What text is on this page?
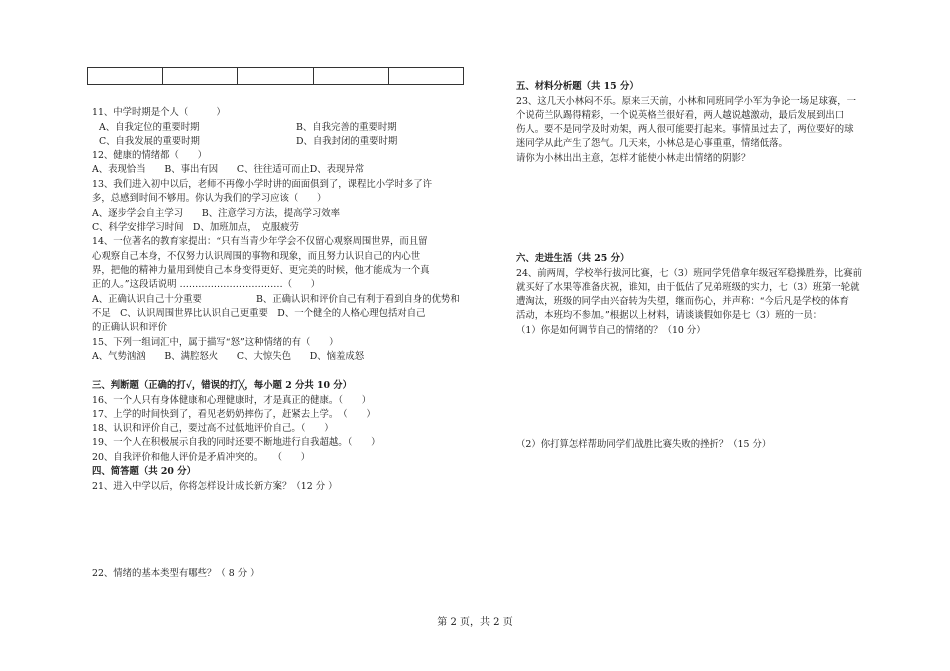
11、中学时期是个人（　　　）
A、自我定位的重要时期	B、自我完善的重要时期
C、自我发展的重要时期	D、自我封闭的重要时期
12、健康的情绪都（　　）
A、表现恰当　　B、事出有因　　C、往往适可而止D、表现异常
13、我们进入初中以后，老师不再像小学时讲的面面俱到了，课程比小学时多了许
多，总感到时间不够用。你认为我们的学习应该（　　）
A、逐步学会自主学习　　B、注意学习方法，提高学习效率
C、科学安排学习时间　D、加班加点，　克服疲劳
14、一位著名的教育家提出：“只有当青少年学会不仅留心观察周围世界，而且留
心观察自己本身，不仅努力认识周围的事物和现象，而且努力认识自己的内心世
界，把他的精神力量用到使自己本身变得更好、更完美的时候，他才能成为一个真
正的人。”这段话说明 ……………………………（　　）
A、正确认识自己十分重要	B、正确认识和评价自己有利于看到自身的优势和
不足　C、认识周围世界比认识自己更重要　D、一个健全的人格心理包括对自己
的正确认识和评价
15、下列一组词汇中，属于描写“怒”这种情绪的有（　　）
A、气势汹汹　　B、满腔怒火　　C、大惊失色　　D、恼羞成怒
三、判断题（正确的打√，错误的打╳，每小题 2 分共 10 分）
16、一个人只有身体健康和心理健康时，才是真正的健康。（　　）
17、上学的时间快到了，看见老奶奶摔伤了，赶紧去上学。　（　　）
18、认识和评价自己，要过高不过低地评价自己。（　　）
19、一个人在积极展示自我的同时还要不断地进行自我超越。（　　）
20、自我评价和他人评价是矛盾冲突的。　　（　　）
四、简答题（共 20 分）
21、进入中学以后，你将怎样设计成长新方案？（12 分 ）
22、情绪的基本类型有哪些？（ 8 分 ）
五、材料分析题（共 15 分）
23、这几天小林闷不乐。原来三天前，小林和同班同学小军为争论一场足球赛，一
个说荷兰队踢得精彩，一个说英格兰很好看，两人越说越激动，最后发展到出口
伤人。要不是同学及时劝架，两人很可能要打起来。事情虽过去了，两位要好的球
迷同学从此产生了怨气。几天来，小林总是心事重重，情绪低落。
请你为小林出出主意，怎样才能使小林走出情绪的阴影？
六、走进生活（共 25 分）
24、前两周，学校举行拔河比赛，七（3）班同学凭借拿年级冠军稳操胜券，比赛前
就买好了水果等准备庆祝，谁知，由于低估了兄弟班级的实力，七（3）班第一轮就
遭淘汰，班级的同学由兴奋转为失望，继而伤心，并声称：“今后凡是学校的体育
活动，本班均不参加。”根据以上材料，请谈谈假如你是七（3）班的一员：
（1）你是如何调节自己的情绪的？（10 分）
（2）你打算怎样帮助同学们战胜比赛失败的挫折？（15 分）
第 2 页，共 2 页
